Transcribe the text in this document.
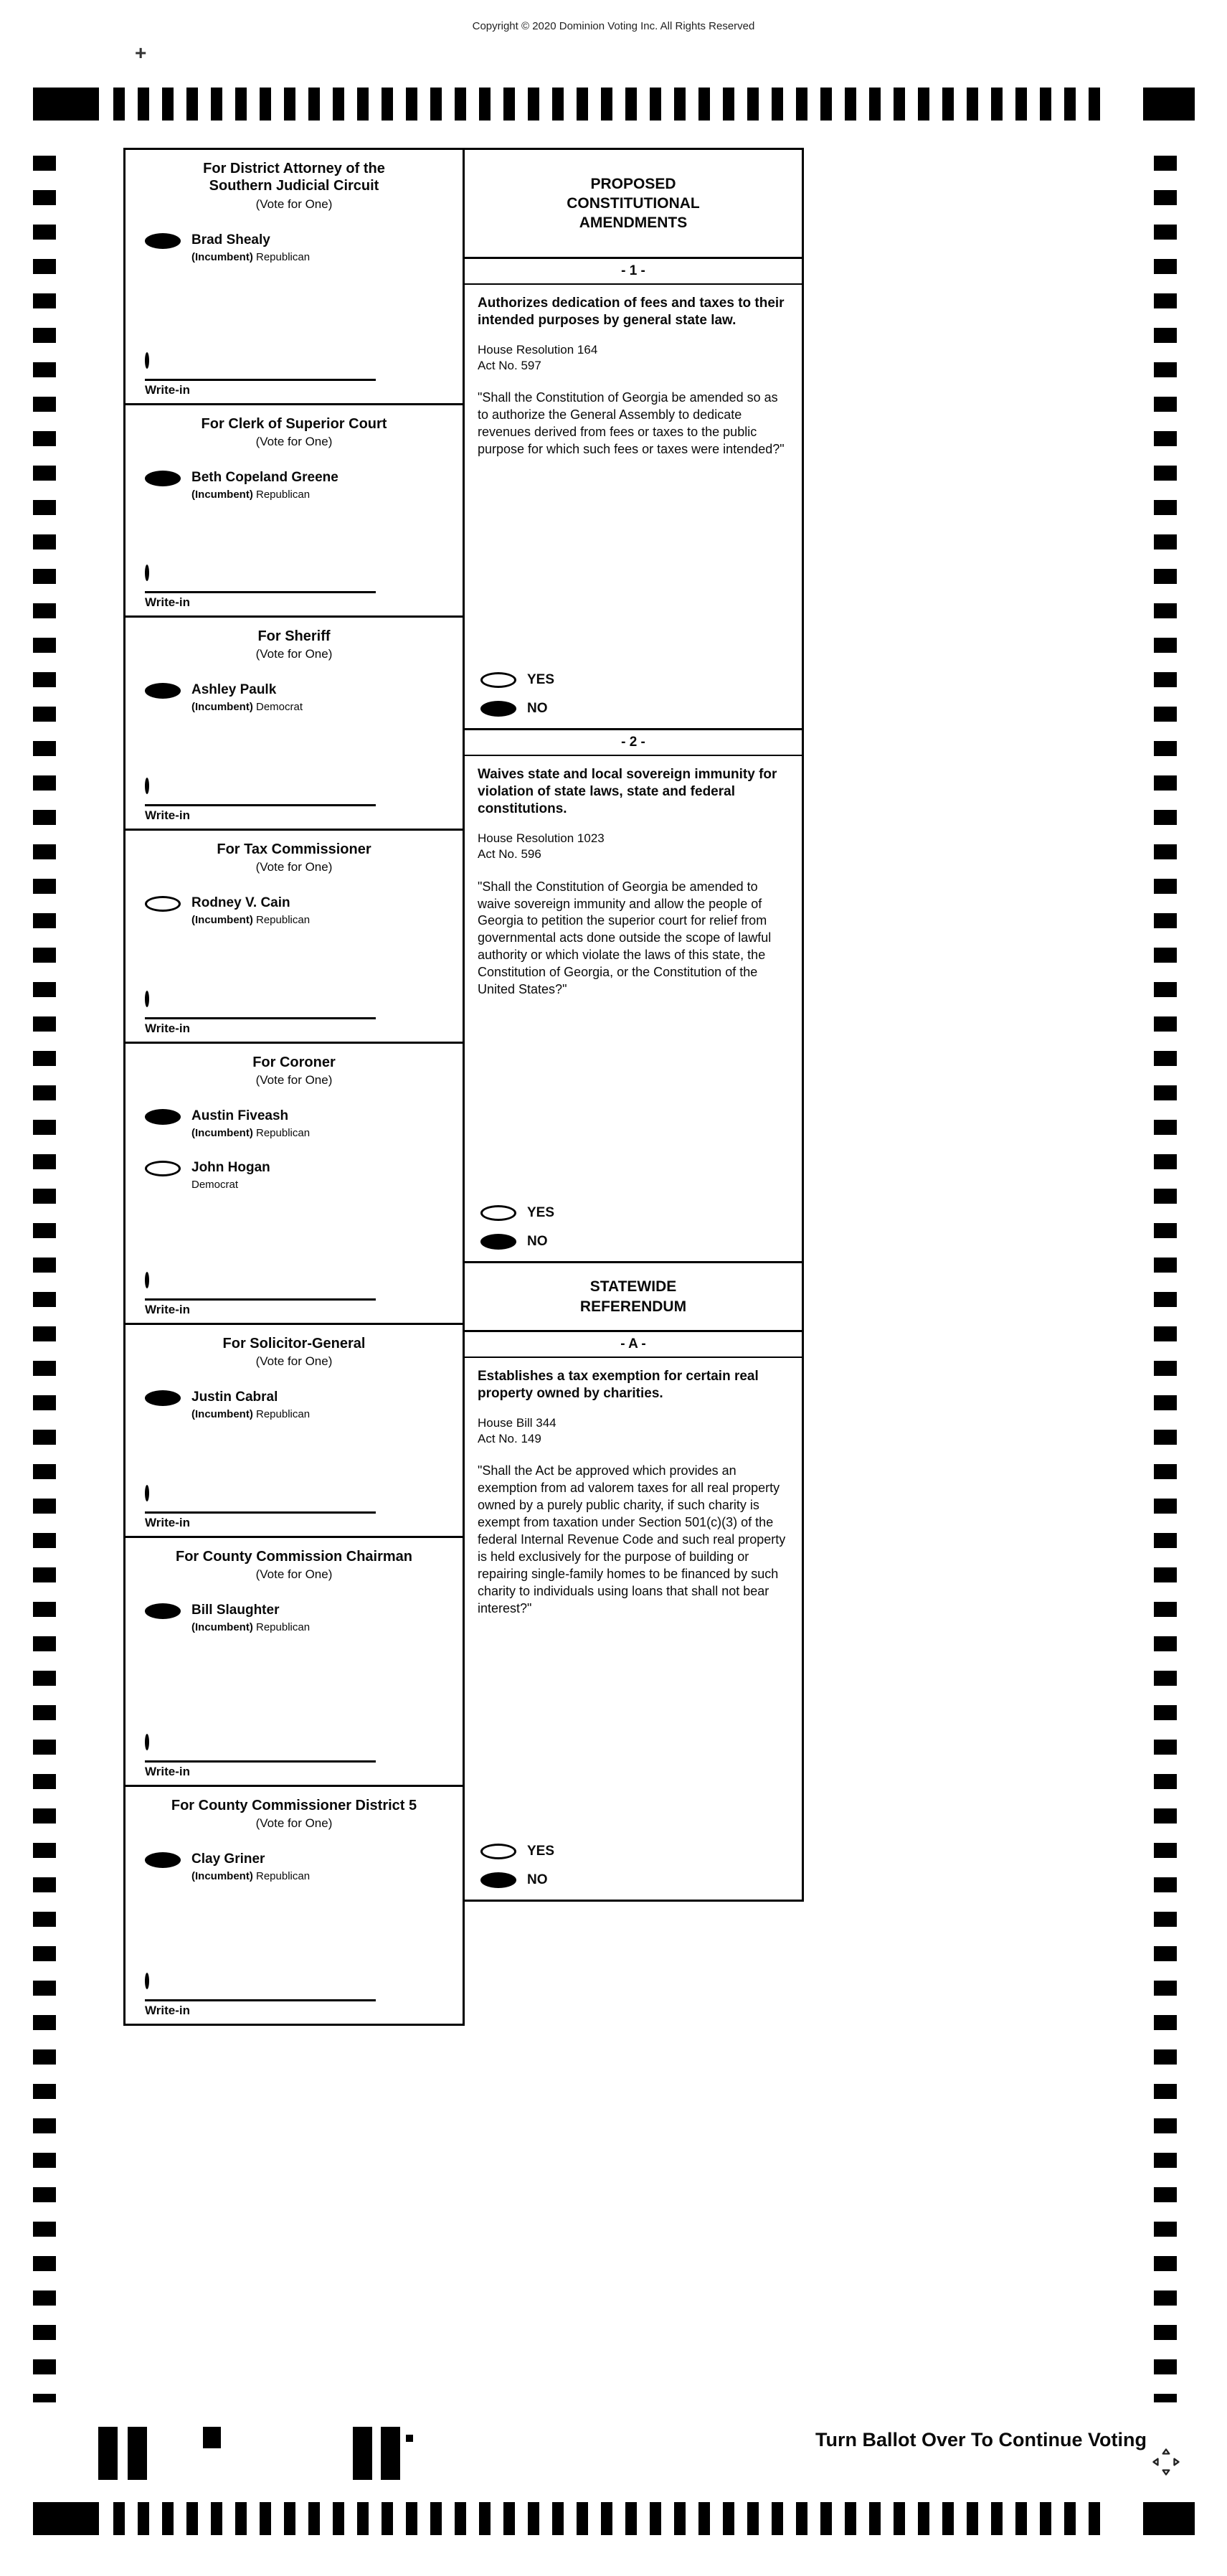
Copyright © 2020 Dominion Voting Inc. All Rights Reserved
+
For District Attorney of the Southern Judicial Circuit
(Vote for One)
Brad Shealy
(Incumbent) Republican
Write-in
For Clerk of Superior Court
(Vote for One)
Beth Copeland Greene
(Incumbent) Republican
Write-in
For Sheriff
(Vote for One)
Ashley Paulk
(Incumbent) Democrat
Write-in
For Tax Commissioner
(Vote for One)
Rodney V. Cain
(Incumbent) Republican
Write-in
For Coroner
(Vote for One)
Austin Fiveash
(Incumbent) Republican
John Hogan
Democrat
Write-in
For Solicitor-General
(Vote for One)
Justin Cabral
(Incumbent) Republican
Write-in
For County Commission Chairman
(Vote for One)
Bill Slaughter
(Incumbent) Republican
Write-in
For County Commissioner District 5
(Vote for One)
Clay Griner
(Incumbent) Republican
Write-in
PROPOSED CONSTITUTIONAL AMENDMENTS
- 1 -
Authorizes dedication of fees and taxes to their intended purposes by general state law.
House Resolution 164
Act No. 597
"Shall the Constitution of Georgia be amended so as to authorize the General Assembly to dedicate revenues derived from fees or taxes to the public purpose for which such fees or taxes were intended?"
YES
NO
- 2 -
Waives state and local sovereign immunity for violation of state laws, state and federal constitutions.
House Resolution 1023
Act No. 596
"Shall the Constitution of Georgia be amended to waive sovereign immunity and allow the people of Georgia to petition the superior court for relief from governmental acts done outside the scope of lawful authority or which violate the laws of this state, the Constitution of Georgia, or the Constitution of the United States?"
YES
NO
STATEWIDE REFERENDUM
- A -
Establishes a tax exemption for certain real property owned by charities.
House Bill 344
Act No. 149
"Shall the Act be approved which provides an exemption from ad valorem taxes for all real property owned by a purely public charity, if such charity is exempt from taxation under Section 501(c)(3) of the federal Internal Revenue Code and such real property is held exclusively for the purpose of building or repairing single-family homes to be financed by such charity to individuals using loans that shall not bear interest?"
YES
NO
Turn Ballot Over To Continue Voting
